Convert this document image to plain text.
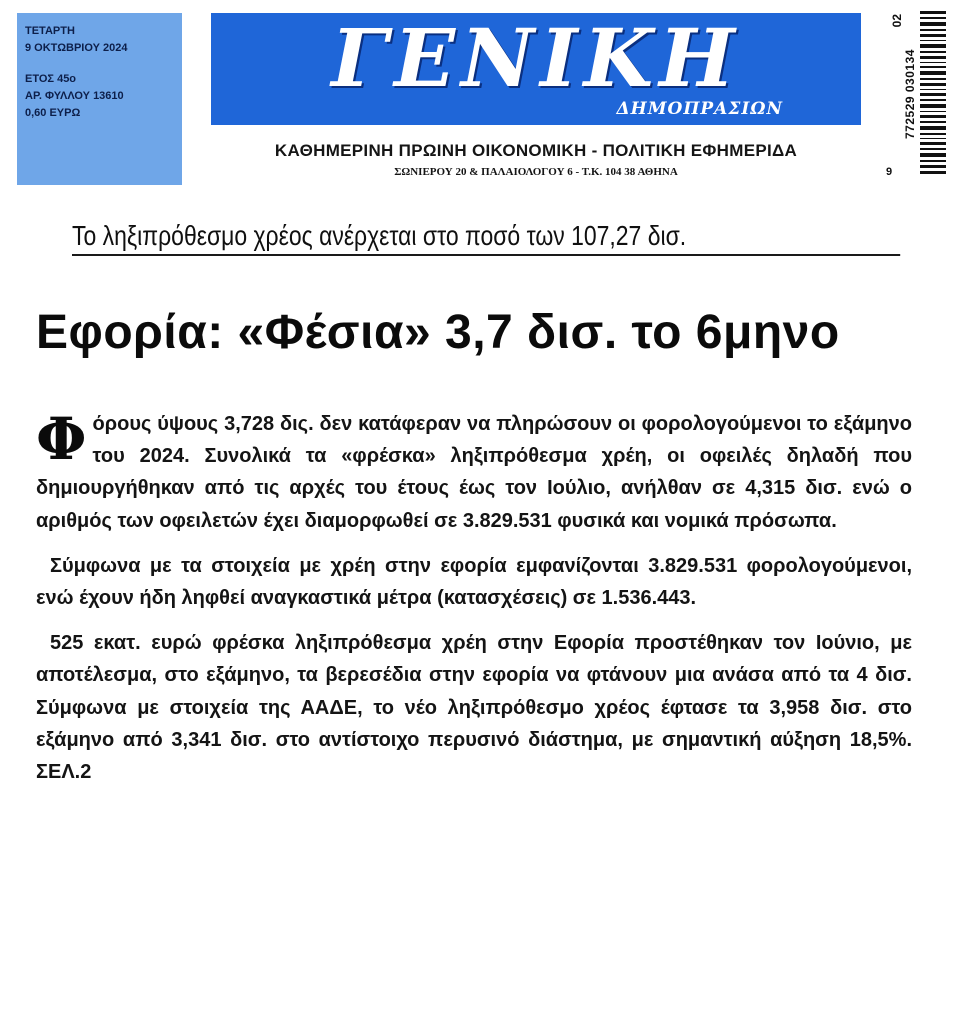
ΤΕΤΑΡΤΗ
9 ΟΚΤΩΒΡΙΟΥ 2024
ΕΤΟΣ 45ο
ΑΡ. ΦΥΛΛΟΥ 13610
0,60 ΕΥΡΩ
ΓΕΝΙΚΗ
ΔΗΜΟΠΡΑΣΙΩΝ
ΚΑΘΗΜΕΡΙΝΗ ΠΡΩΙΝΗ ΟΙΚΟΝΟΜΙΚΗ - ΠΟΛΙΤΙΚΗ ΕΦΗΜΕΡΙΔΑ
ΣΩΝΙΕΡΟΥ 20 & ΠΑΛΑΙΟΛΟΓΟΥ 6 - Τ.Κ. 104 38 ΑΘΗΝΑ
02
772529 030134
9
Το ληξιπρόθεσμο χρέος ανέρχεται στο ποσό των 107,27 δισ.
Εφορία: «Φέσια» 3,7 δισ. το 6μηνο

Φ όρους ύψους 3,728 δις. δεν κατάφεραν να πληρώσουν οι φορολογούμενοι το εξάμηνο του 2024. Συνολικά τα «φρέσκα» ληξιπρόθεσμα χρέη, οι οφειλές δηλαδή που δημιουργήθηκαν από τις αρχές του έτους έως τον Ιούλιο, ανήλθαν σε 4,315 δισ. ενώ ο αριθμός των οφειλετών έχει διαμορφωθεί σε 3.829.531 φυσικά και νομικά πρόσωπα.

Σύμφωνα με τα στοιχεία με χρέη στην εφορία εμφανίζονται 3.829.531 φορολογούμενοι, ενώ έχουν ήδη ληφθεί αναγκαστικά μέτρα (κατασχέσεις) σε 1.536.443.

525 εκατ. ευρώ φρέσκα ληξιπρόθεσμα χρέη στην Εφορία προστέθηκαν τον Ιούνιο, με αποτέλεσμα, στο εξάμηνο, τα βερεσέδια στην εφορία να φτάνουν μια ανάσα από τα 4 δισ. Σύμφωνα με στοιχεία της ΑΑΔΕ, το νέο ληξιπρόθεσμο χρέος έφτασε τα 3,958 δισ. στο εξάμηνο από 3,341 δισ. στο αντίστοιχο περυσινό διάστημα, με σημαντική αύξηση 18,5%. ΣΕΛ.2
